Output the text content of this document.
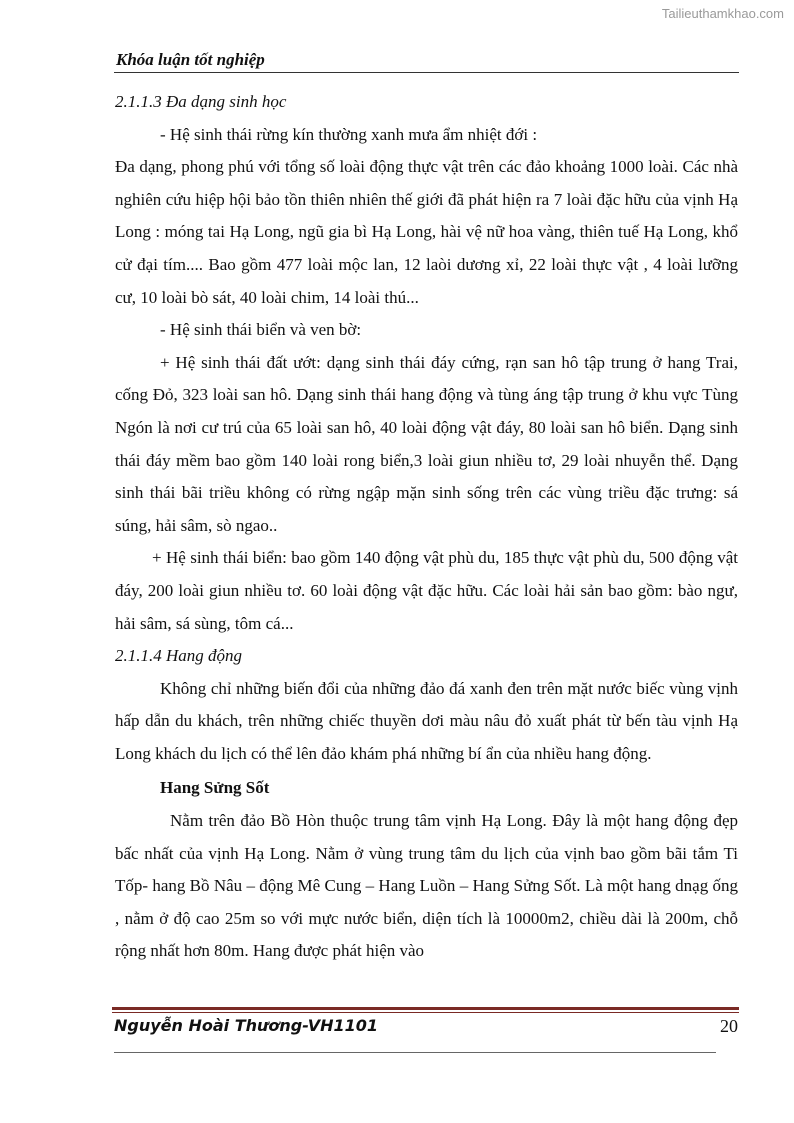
Tailieuthamkhao.com
Khóa luận tốt nghiệp

2.1.1.3 Đa dạng sinh học

- Hệ sinh thái rừng kín thường xanh mưa ẩm nhiệt đới :

Đa dạng, phong phú với tổng số loài động thực vật trên các đảo khoảng 1000 loài. Các nhà nghiên cứu hiệp hội bảo tồn thiên nhiên thế giới đã phát hiện ra 7 loài đặc hữu của vịnh Hạ Long : móng tai Hạ Long, ngũ gia bì Hạ Long, hài vệ nữ hoa vàng, thiên tuế Hạ Long, khổ cử đại tím.... Bao gồm 477 loài mộc lan, 12 laòi dương xỉ, 22 loài thực vật , 4 loài lưỡng cư, 10 loài bò sát, 40 loài chim, 14 loài thú...

- Hệ sinh thái biển và ven bờ:

+ Hệ sinh thái đất ướt: dạng sinh thái đáy cứng, rạn san hô tập trung ở hang Trai, cống Đỏ, 323 loài san hô. Dạng sinh thái hang động và tùng áng tập trung ở khu vực Tùng Ngón là nơi cư trú của 65 loài san hô, 40 loài động vật đáy, 80 loài san hô biển. Dạng sinh thái đáy mềm bao gồm 140 loài rong biển,3 loài giun nhiều tơ, 29 loài nhuyễn thể. Dạng sinh thái bãi triều không có rừng ngập mặn sinh sống trên các vùng triều đặc trưng: sá súng, hải sâm, sò ngao..

+ Hệ sinh thái biển: bao gồm 140 động vật phù du, 185 thực vật phù du, 500 động vật đáy, 200 loài giun nhiều tơ. 60 loài động vật đặc hữu. Các loài hải sản bao gồm: bào ngư, hải sâm, sá sùng, tôm cá...

2.1.1.4 Hang động

Không chỉ những biến đổi của những đảo đá xanh đen trên mặt nước biếc vùng vịnh hấp dẫn du khách, trên những chiếc thuyền dơi màu nâu đỏ xuất phát từ bến tàu vịnh Hạ Long khách du lịch có thể lên đảo khám phá những bí ẩn của nhiều hang động.

Hang Sửng Sốt

Nằm trên đảo Bồ Hòn thuộc trung tâm vịnh Hạ Long. Đây là một hang động đẹp bấc nhất của vịnh Hạ Long. Nằm ở vùng trung tâm du lịch của vịnh bao gồm bãi tắm Ti Tốp- hang Bồ Nâu – động Mê Cung – Hang Luồn – Hang Sửng Sốt. Là một hang dnạg ống , nằm ở độ cao 25m so với mực nước biển, diện tích là 10000m2, chiều dài là 200m, chỗ rộng nhất hơn 80m. Hang được phát hiện vào

Nguyễn Hoài Thương-VH1101	20
